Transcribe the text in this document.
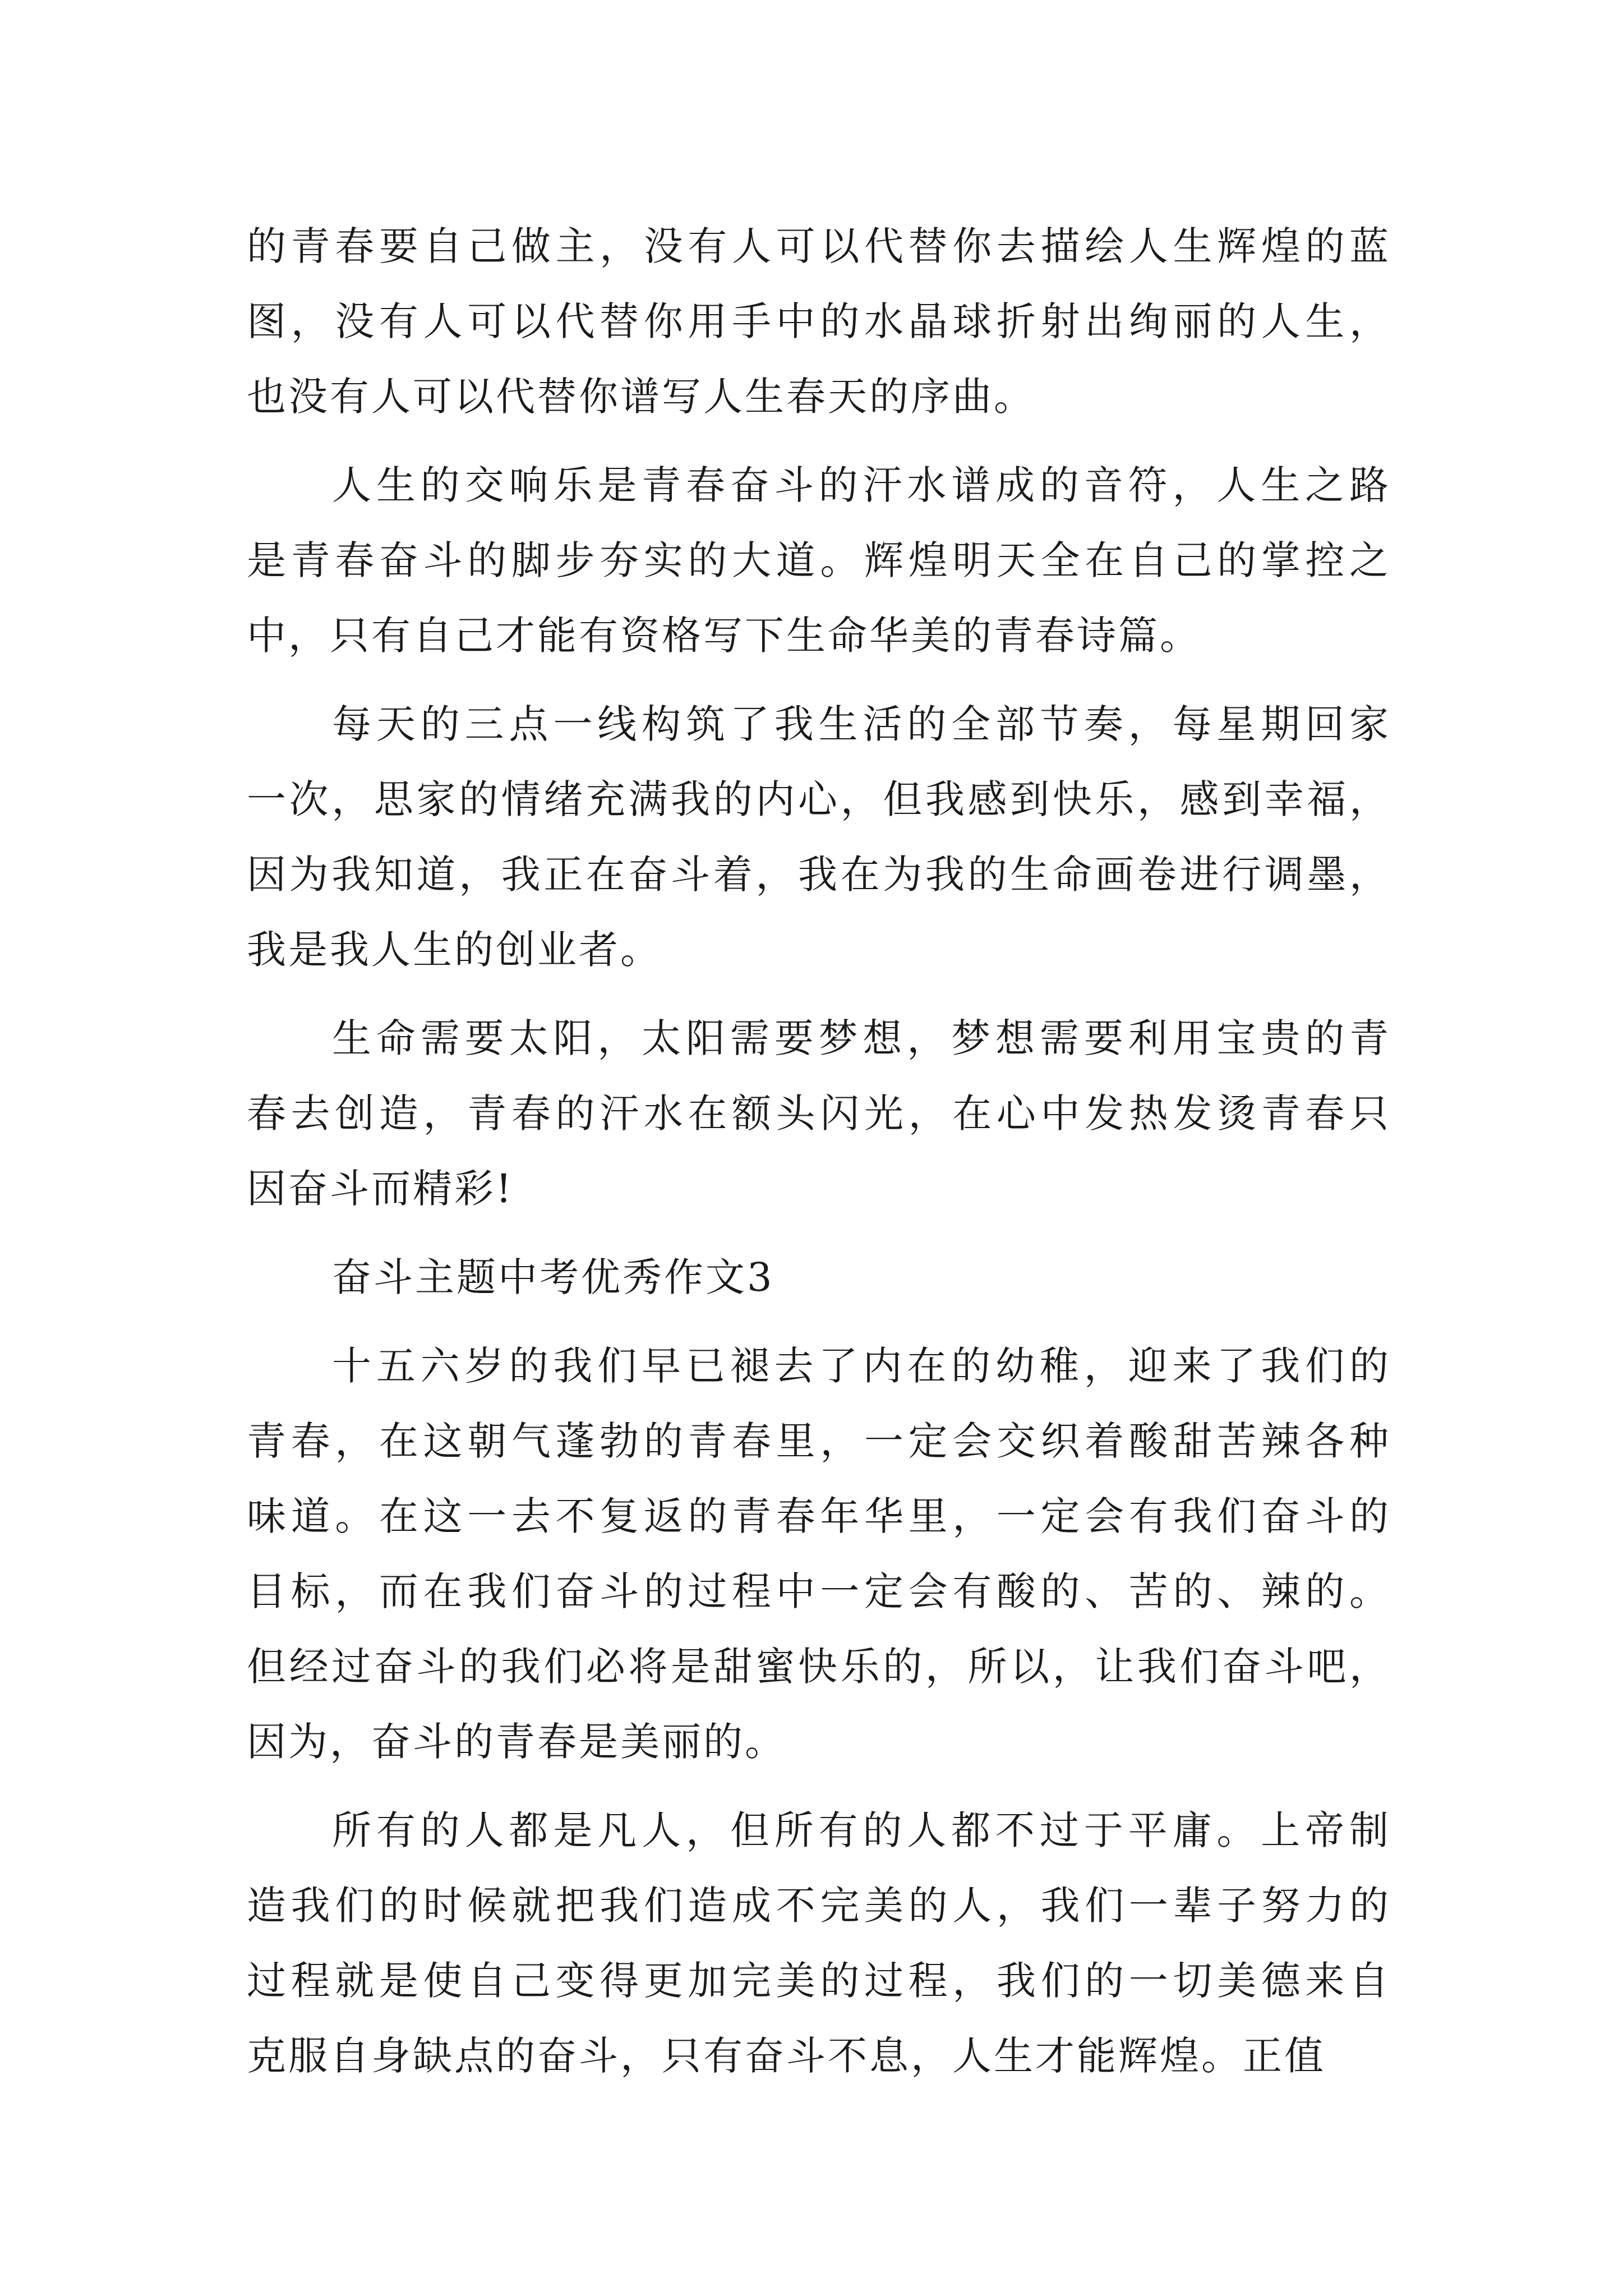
的青春要自己做主，没有人可以代替你去描绘人生辉煌的蓝
图，没有人可以代替你用手中的水晶球折射出绚丽的人生，
也没有人可以代替你谱写人生春天的序曲。
人生的交响乐是青春奋斗的汗水谱成的音符，人生之路
是青春奋斗的脚步夯实的大道。辉煌明天全在自己的掌控之
中，只有自己才能有资格写下生命华美的青春诗篇。
每天的三点一线构筑了我生活的全部节奏，每星期回家
一次，思家的情绪充满我的内心，但我感到快乐，感到幸福，
因为我知道，我正在奋斗着，我在为我的生命画卷进行调墨，
我是我人生的创业者。
生命需要太阳，太阳需要梦想，梦想需要利用宝贵的青
春去创造，青春的汗水在额头闪光，在心中发热发烫青春只
因奋斗而精彩!
奋斗主题中考优秀作文3
十五六岁的我们早已褪去了内在的幼稚，迎来了我们的
青春，在这朝气蓬勃的青春里，一定会交织着酸甜苦辣各种
味道。在这一去不复返的青春年华里，一定会有我们奋斗的
目标，而在我们奋斗的过程中一定会有酸的、苦的、辣的。
但经过奋斗的我们必将是甜蜜快乐的，所以，让我们奋斗吧，
因为，奋斗的青春是美丽的。
所有的人都是凡人，但所有的人都不过于平庸。上帝制
造我们的时候就把我们造成不完美的人，我们一辈子努力的
过程就是使自己变得更加完美的过程，我们的一切美德来自
克服自身缺点的奋斗，只有奋斗不息，人生才能辉煌。正值
